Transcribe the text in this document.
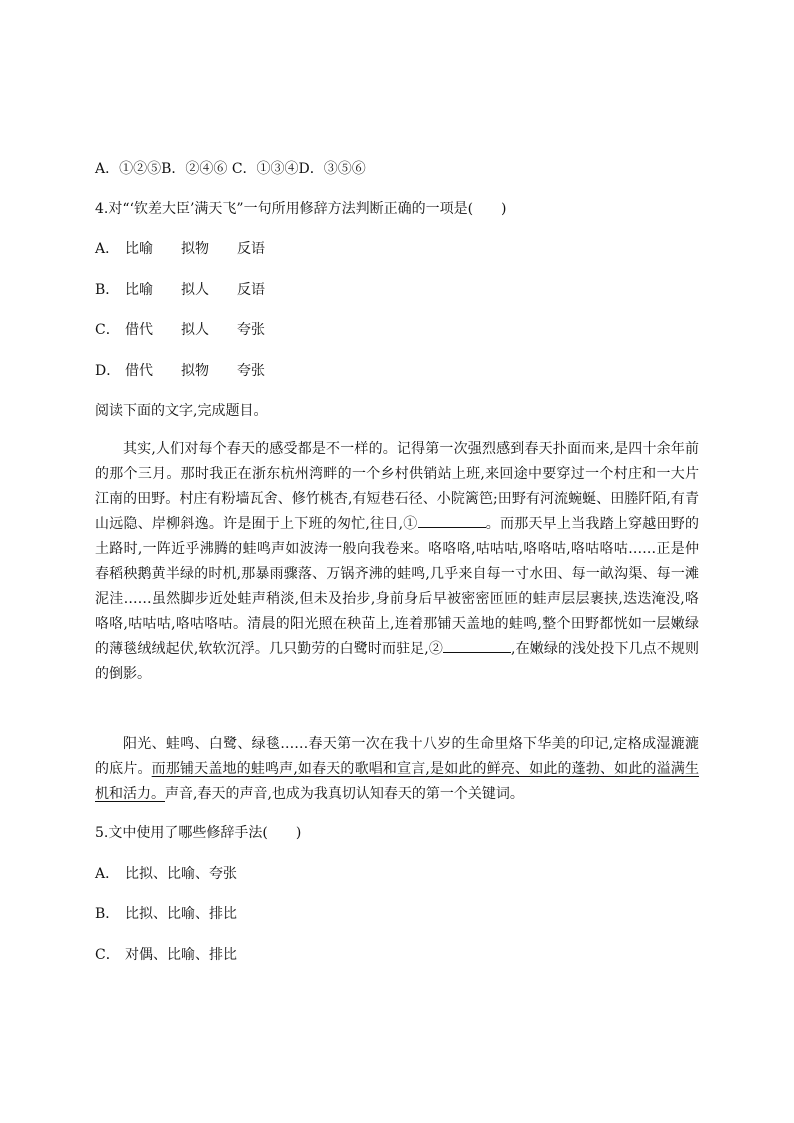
A．①②⑤B．②④⑥ C．①③④D．③⑤⑥
4.对“‘钦差大臣’满天飞”一句所用修辞方法判断正确的一项是(　　)
A． 比喻 拟物 反语
B． 比喻 拟人 反语
C． 借代 拟人 夸张
D． 借代 拟物 夸张
阅读下面的文字,完成题目。

其实,人们对每个春天的感受都是不一样的。记得第一次强烈感到春天扑面而来,是四十余年前的那个三月。那时我正在浙东杭州湾畔的一个乡村供销站上班,来回途中要穿过一个村庄和一大片江南的田野。村庄有粉墙瓦舍、修竹桃杏,有短巷石径、小院篱笆;田野有河流蜿蜒、田塍阡陌,有青山远隐、岸柳斜逸。许是囿于上下班的匆忙,往日,①	。而那天早上当我踏上穿越田野的土路时,一阵近乎沸腾的蛙鸣声如波涛一般向我卷来。咯咯咯,咕咕咕,咯咯咕,咯咕咯咕……正是仲春稻秧鹅黄半绿的时机,那暴雨骤落、万锅齐沸的蛙鸣,几乎来自每一寸水田、每一畝沟渠、每一滩泥洼……虽然脚步近处蛙声稍淡,但未及抬步,身前身后早被密密匝匝的蛙声层层裹挟,迭迭淹没,咯咯咯,咕咕咕,咯咕咯咕。清晨的阳光照在秧苗上,连着那铺天盖地的蛙鸣,整个田野都恍如一层嫩绿的薄毯绒绒起伏,软软沉浮。几只勤劳的白鹭时而驻足,②	,在嫩绿的浅处投下几点不规则的倒影。

阳光、蛙鸣、白鹭、绿毯……春天第一次在我十八岁的生命里烙下华美的印记,定格成湿漉漉的底片。而那铺天盖地的蛙鸣声,如春天的歌唱和宣言,是如此的鲜亮、如此的蓬勃、如此的溢满生机和活力。声音,春天的声音,也成为我真切认知春天的第一个关键词。

5.文中使用了哪些修辞手法(　　)
A． 比拟、比喻、夸张
B． 比拟、比喻、排比
C． 对偶、比喻、排比
